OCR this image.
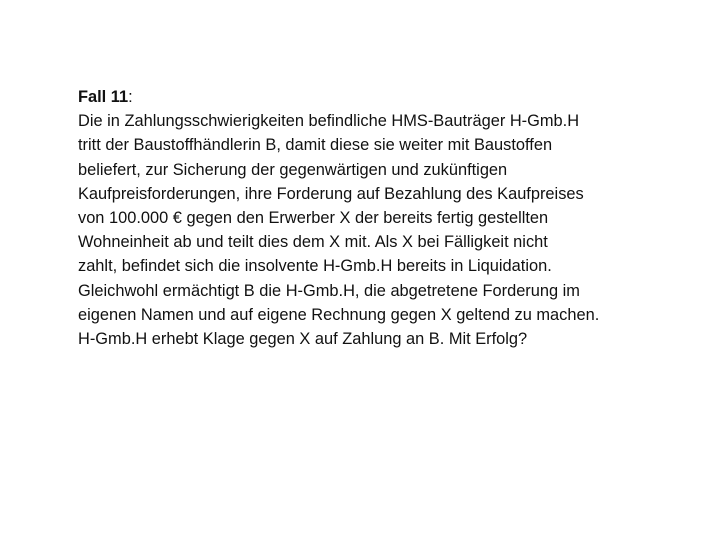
Fall 11:
Die in Zahlungsschwierigkeiten befindliche HMS-Bauträger H-Gmb.H
tritt der Baustoffhändlerin B, damit diese sie weiter mit Baustoffen
beliefert, zur Sicherung der gegenwärtigen und zukünftigen
Kaufpreisforderungen, ihre Forderung auf Bezahlung des Kaufpreises
von 100.000 € gegen den Erwerber X der bereits fertig gestellten
Wohneinheit ab und teilt dies dem X mit. Als X bei Fälligkeit nicht
zahlt, befindet sich die insolvente H-Gmb.H bereits in Liquidation.
Gleichwohl ermächtigt B die H-Gmb.H, die abgetretene Forderung im
eigenen Namen und auf eigene Rechnung gegen X geltend zu machen.
H-Gmb.H erhebt Klage gegen X auf Zahlung an B. Mit Erfolg?
